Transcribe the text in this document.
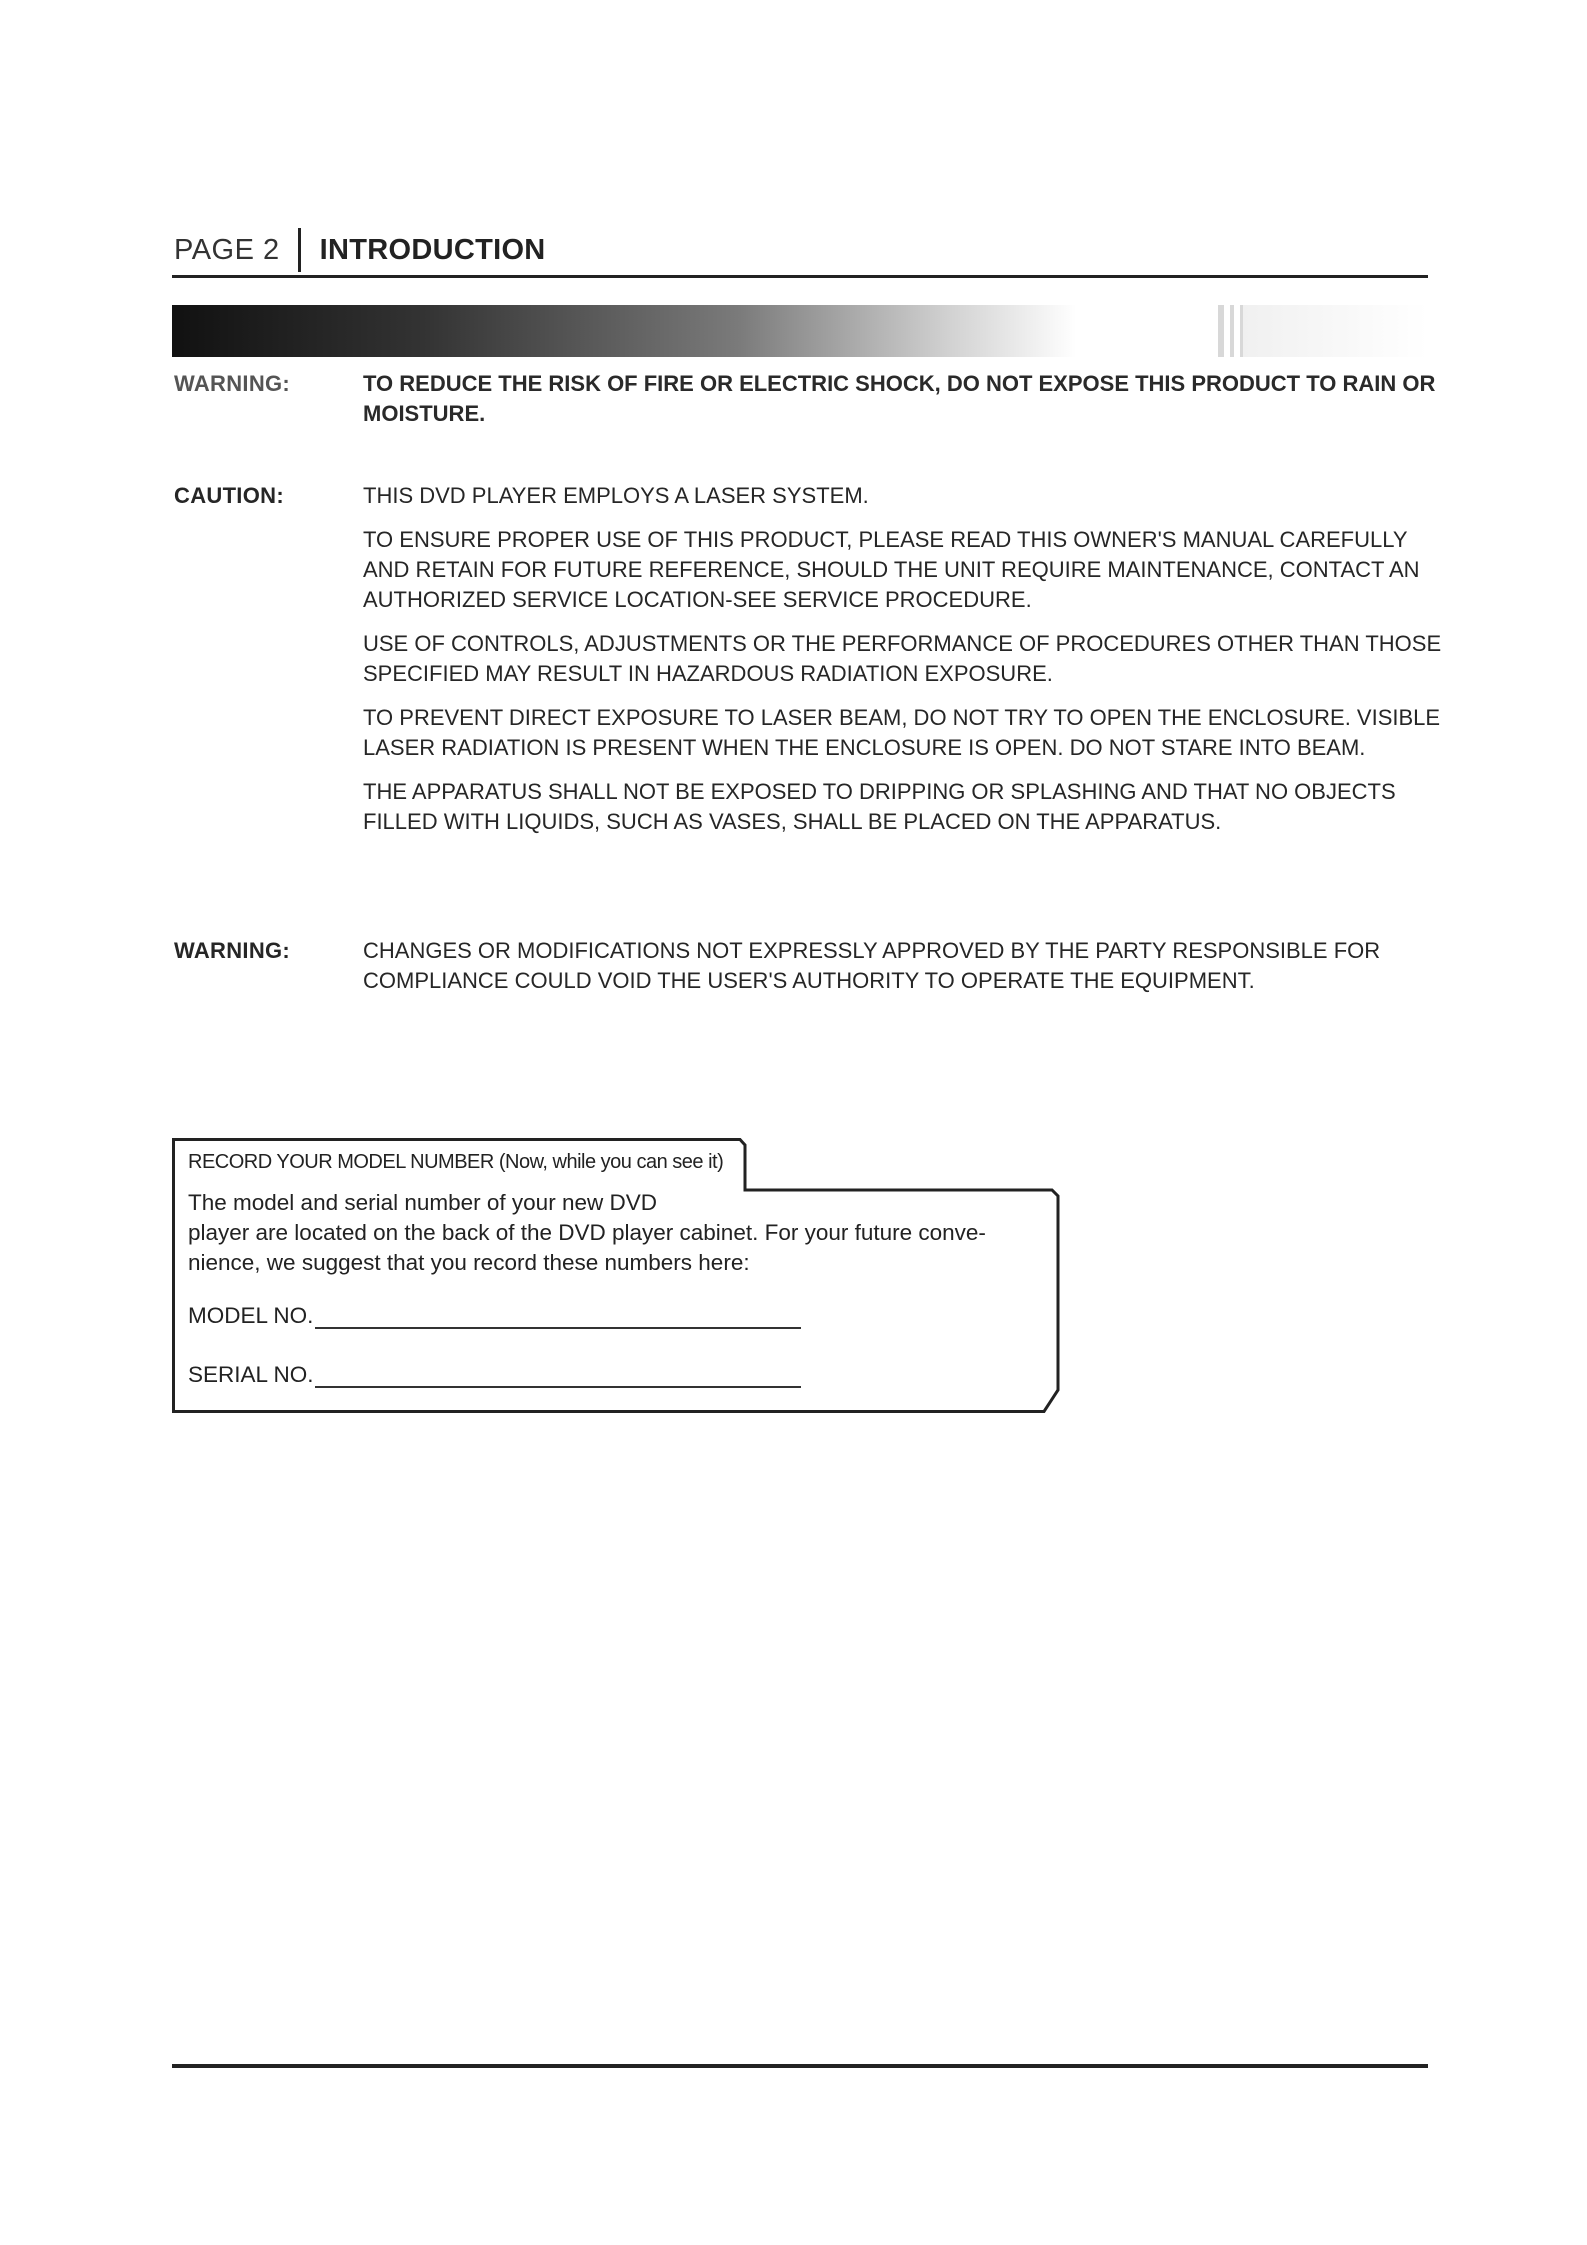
PAGE 2 INTRODUCTION
WARNING:	TO REDUCE THE RISK OF FIRE OR ELECTRIC SHOCK, DO NOT EXPOSE THIS PRODUCT TO RAIN OR MOISTURE.
CAUTION:	THIS DVD PLAYER EMPLOYS A LASER SYSTEM.

TO ENSURE PROPER USE OF THIS PRODUCT, PLEASE READ THIS OWNER'S MANUAL CAREFULLY AND RETAIN FOR FUTURE REFERENCE, SHOULD THE UNIT REQUIRE MAINTENANCE, CONTACT AN AUTHORIZED SERVICE LOCATION-SEE SERVICE PROCEDURE.

USE OF CONTROLS, ADJUSTMENTS OR THE PERFORMANCE OF PROCEDURES OTHER THAN THOSE SPECIFIED MAY RESULT IN HAZARDOUS RADIATION EXPOSURE.

TO PREVENT DIRECT EXPOSURE TO LASER BEAM, DO NOT TRY TO OPEN THE ENCLOSURE. VISIBLE LASER RADIATION IS PRESENT WHEN THE ENCLOSURE IS OPEN. DO NOT STARE INTO BEAM.

THE APPARATUS SHALL NOT BE EXPOSED TO DRIPPING OR SPLASHING AND THAT NO OBJECTS FILLED WITH LIQUIDS, SUCH AS VASES, SHALL BE PLACED ON THE APPARATUS.

WARNING:	CHANGES OR MODIFICATIONS NOT EXPRESSLY APPROVED BY THE PARTY RESPONSIBLE FOR COMPLIANCE COULD VOID THE USER'S AUTHORITY TO OPERATE THE EQUIPMENT.
RECORD YOUR MODEL NUMBER (Now, while you can see it)
The model and serial number of your new DVD
player are located on the back of the DVD player cabinet. For your future conve-nience, we suggest that you record these numbers here:
MODEL NO.
SERIAL NO.
